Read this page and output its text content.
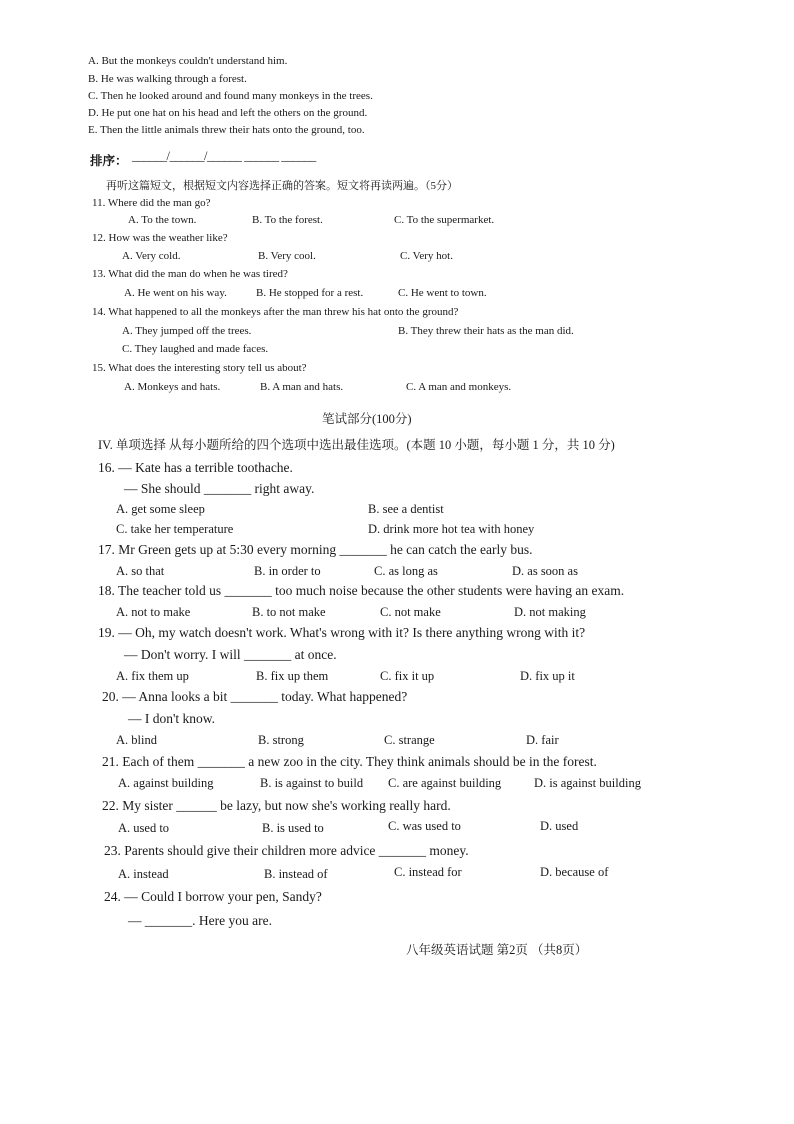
A. But the monkeys couldn't understand him.
B. He was walking through a forest.
C. Then he looked around and found many monkeys in the trees.
D. He put one hat on his head and left the others on the ground.
E. Then the little animals threw their hats onto the ground, too.
排序： ______/______/______ ______ ______
再听这篇短文，根据短文内容选择正确的答案。短文将再读两遍。（5分）
11. Where did the man go?
A. To the town.	B. To the forest.	C. To the supermarket.
12. How was the weather like?
A. Very cold.	B. Very cool.	C. Very hot.
13. What did the man do when he was tired?
A. He went on his way.	B. He stopped for a rest.	C. He went to town.
14. What happened to all the monkeys after the man threw his hat onto the ground?
A. They jumped off the trees.	B. They threw their hats as the man did.
C. They laughed and made faces.
15. What does the interesting story tell us about?
A. Monkeys and hats.	B. A man and hats.	C. A man and monkeys.
笔试部分(100分)
IV. 单项选择 从每小题所给的四个选项中选出最佳选项。(本题 10 小题，每小题 1 分，共 10 分)
16. — Kate has a terrible toothache.
— She should _______ right away.
A. get some sleep	B. see a dentist
C. take her temperature	D. drink more hot tea with honey
17. Mr Green gets up at 5:30 every morning _______ he can catch the early bus.
A. so that	B. in order to	C. as long as	D. as soon as
18. The teacher told us _______ too much noise because the other students were having an exam.
A. not to make	B. to not make	C. not make	D. not making
19. — Oh, my watch doesn't work. What's wrong with it? Is there anything wrong with it?
— Don't worry. I will _______ at once.
A. fix them up	B. fix up them	C. fix it up	D. fix up it
20. — Anna looks a bit _______ today. What happened?
— I don't know.
A. blind	B. strong	C. strange	D. fair
21. Each of them _______ a new zoo in the city. They think animals should be in the forest.
A. against building	B. is against to build C. are against building	D. is against building
22. My sister ______ be lazy, but now she's working really hard.
A. used to	B. is used to	C. was used to	D. used
23. Parents should give their children more advice _______ money.
A. instead	B. instead of	C. instead for	D. because of
24. — Could I borrow your pen, Sandy?
— _______. Here you are.
八年级英语试题 第2页 （共8页）
